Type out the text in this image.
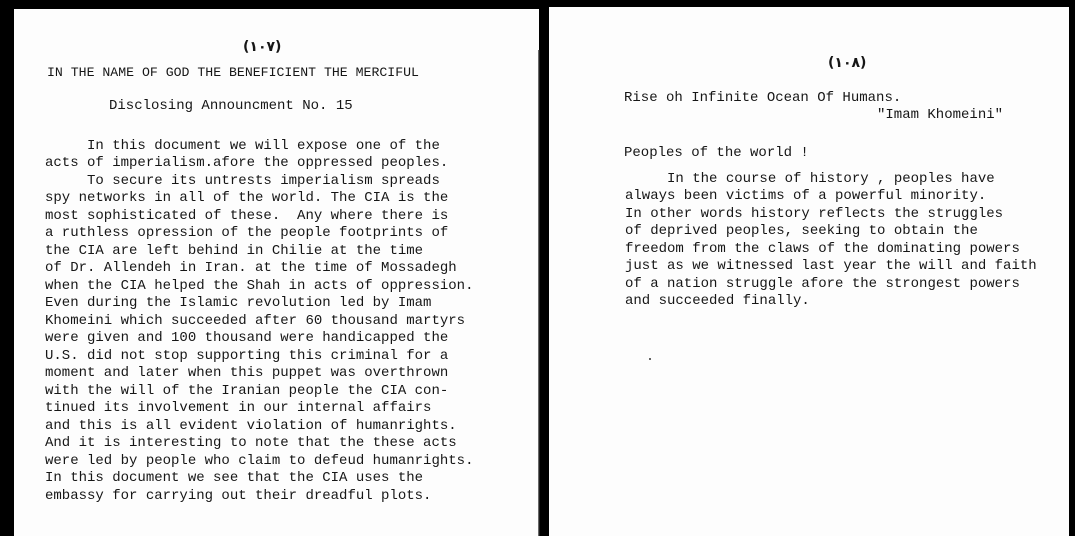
(١٠٧)
IN THE NAME OF GOD THE BENEFICIENT THE MERCIFUL
Disclosing Announcment No. 15
In this document we will expose one of the
acts of imperialism.afore the oppressed peoples.
To secure its untrests imperialism spreads
spy networks in all of the world. The CIA is the
most sophisticated of these.  Any where there is
a ruthless opression of the people footprints of
the CIA are left behind in Chilie at the time
of Dr. Allendeh in Iran. at the time of Mossadegh
when the CIA helped the Shah in acts of oppression.
Even during the Islamic revolution led by Imam
Khomeini which succeeded after 60 thousand martyrs
were given and 100 thousand were handicapped the
U.S. did not stop supporting this criminal for a
moment and later when this puppet was overthrown
with the will of the Iranian people the CIA con-
tinued its involvement in our internal affairs
and this is all evident violation of humanrights.
And it is interesting to note that the these acts
were led by people who claim to defeud humanrights.
In this document we see that the CIA uses the
embassy for carrying out their dreadful plots.
(١٠٨)
Rise oh Infinite Ocean Of Humans.
"Imam Khomeini"
Peoples of the world !
In the course of history , peoples have
always been victims of a powerful minority.
In other words history reflects the struggles
of deprived peoples, seeking to obtain the
freedom from the claws of the dominating powers
just as we witnessed last year the will and faith
of a nation struggle afore the strongest powers
and succeeded finally.
